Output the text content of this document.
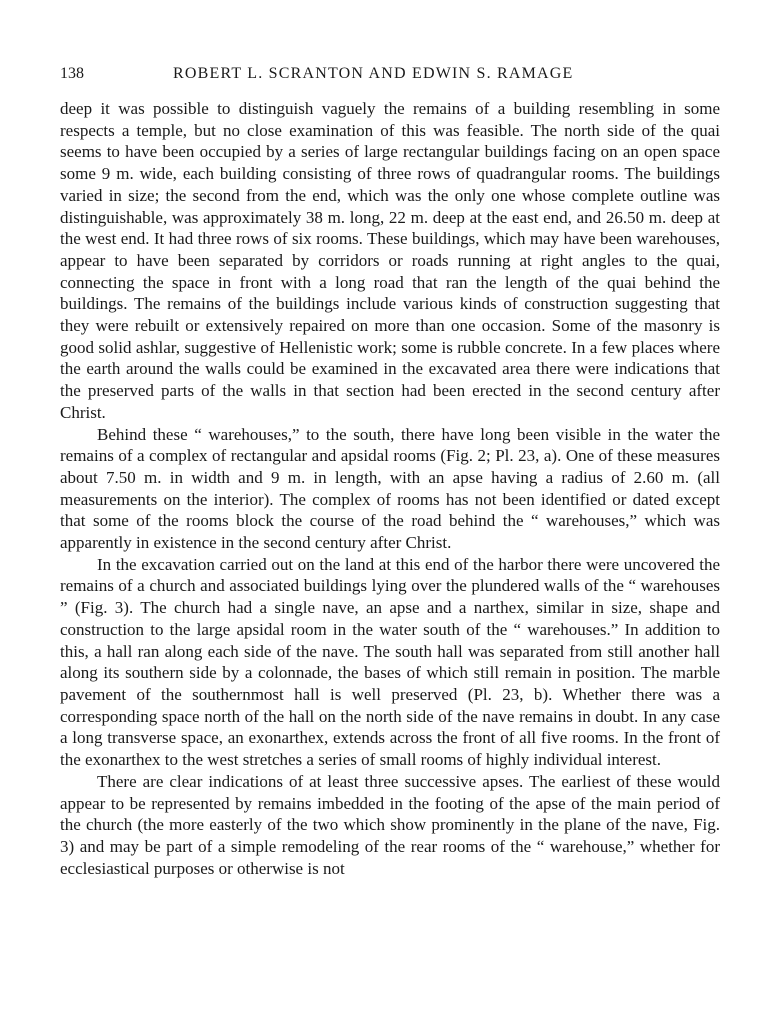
138	ROBERT L. SCRANTON AND EDWIN S. RAMAGE

deep it was possible to distinguish vaguely the remains of a building resembling in some respects a temple, but no close examination of this was feasible. The north side of the quai seems to have been occupied by a series of large rectangular buildings facing on an open space some 9 m. wide, each building consisting of three rows of quadrangular rooms. The buildings varied in size; the second from the end, which was the only one whose complete outline was distinguishable, was approximately 38 m. long, 22 m. deep at the east end, and 26.50 m. deep at the west end. It had three rows of six rooms. These buildings, which may have been warehouses, appear to have been separated by corridors or roads running at right angles to the quai, connecting the space in front with a long road that ran the length of the quai behind the buildings. The remains of the buildings include various kinds of construction suggesting that they were rebuilt or extensively repaired on more than one occasion. Some of the masonry is good solid ashlar, suggestive of Hellenistic work; some is rubble concrete. In a few places where the earth around the walls could be examined in the excavated area there were indications that the preserved parts of the walls in that section had been erected in the second century after Christ.

Behind these “ warehouses,” to the south, there have long been visible in the water the remains of a complex of rectangular and apsidal rooms (Fig. 2; Pl. 23, a). One of these measures about 7.50 m. in width and 9 m. in length, with an apse having a radius of 2.60 m. (all measurements on the interior). The complex of rooms has not been identified or dated except that some of the rooms block the course of the road behind the “ warehouses,” which was apparently in existence in the second century after Christ.

In the excavation carried out on the land at this end of the harbor there were uncovered the remains of a church and associated buildings lying over the plundered walls of the “ warehouses ” (Fig. 3). The church had a single nave, an apse and a narthex, similar in size, shape and construction to the large apsidal room in the water south of the “ warehouses.” In addition to this, a hall ran along each side of the nave. The south hall was separated from still another hall along its southern side by a colonnade, the bases of which still remain in position. The marble pavement of the southernmost hall is well preserved (Pl. 23, b). Whether there was a corresponding space north of the hall on the north side of the nave remains in doubt. In any case a long transverse space, an exonarthex, extends across the front of all five rooms. In the front of the exonarthex to the west stretches a series of small rooms of highly individual interest.

There are clear indications of at least three successive apses. The earliest of these would appear to be represented by remains imbedded in the footing of the apse of the main period of the church (the more easterly of the two which show prominently in the plane of the nave, Fig. 3) and may be part of a simple remodeling of the rear rooms of the “ warehouse,” whether for ecclesiastical purposes or otherwise is not
